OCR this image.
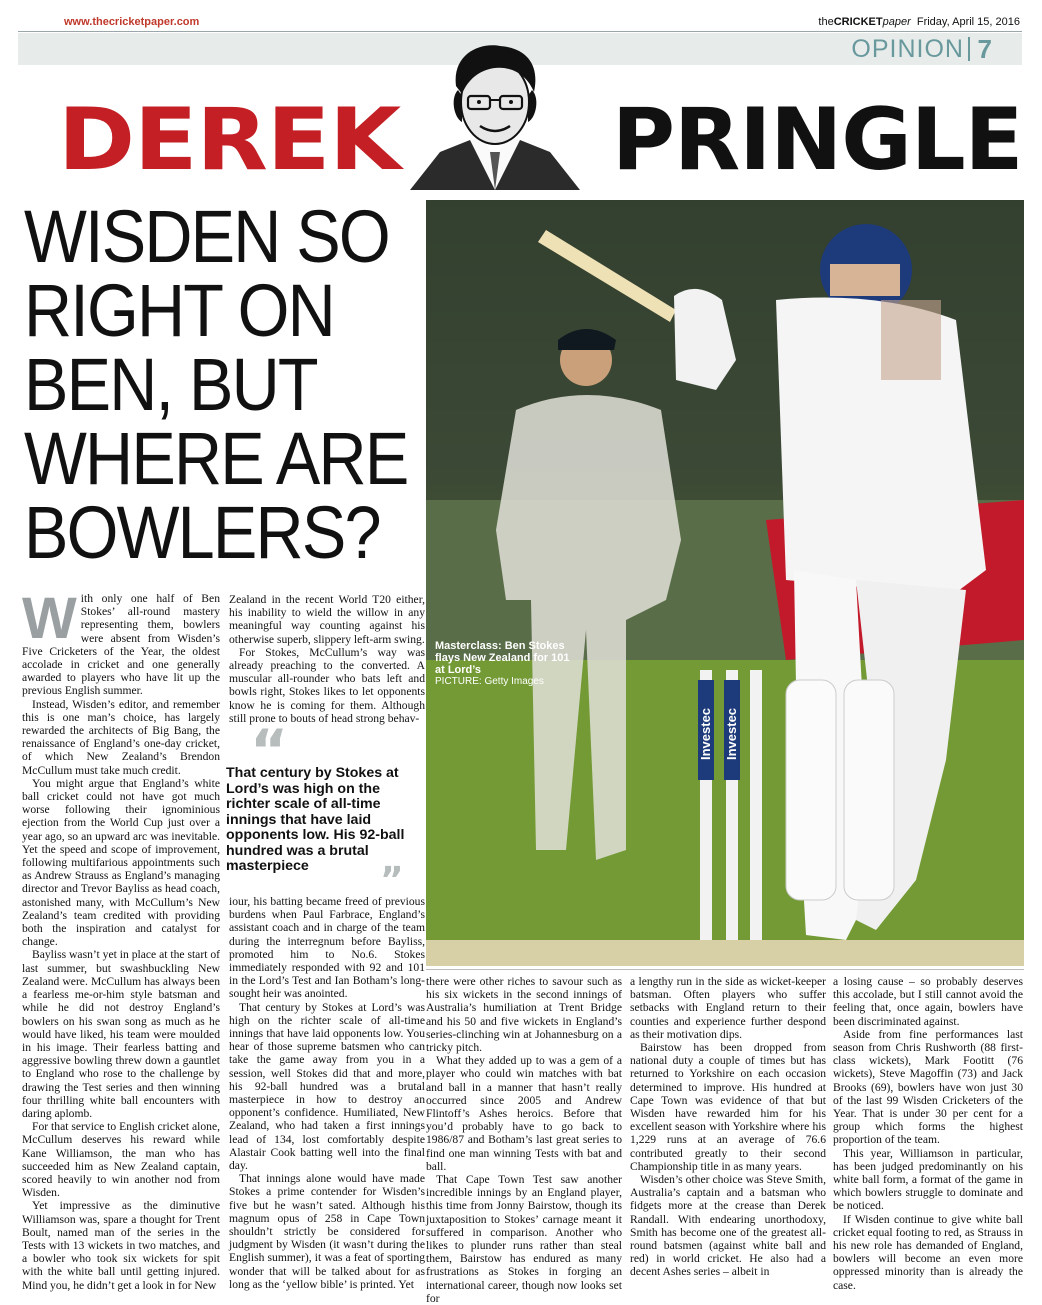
www.thecricketpaper.com	theCRICKETpaper Friday, April 15, 2016
OPINION 7
DEREK PRINGLE
WISDEN SO
RIGHT ON
BEN, BUT
WHERE ARE
BOWLERS?
Investec Investec
Masterclass: Ben Stokes flays New Zealand for 101 at Lord’s
PICTURE: Getty Images
W ith only one half of Ben Stokes’ all-round mastery representing them, bowlers were absent from Wisden’s Five Cricketers of the Year, the oldest accolade in cricket and one generally awarded to players who have lit up the previous English summer.

Instead, Wisden’s editor, and remember this is one man’s choice, has largely rewarded the architects of Big Bang, the renaissance of England’s one-day cricket, of which New Zealand’s Brendon McCullum must take much credit.

You might argue that England’s white ball cricket could not have got much worse following their ignominious ejection from the World Cup just over a year ago, so an upward arc was inevitable. Yet the speed and scope of improvement, following multifarious appointments such as Andrew Strauss as England’s managing director and Trevor Bayliss as head coach, astonished many, with McCullum’s New Zealand’s team credited with providing both the inspiration and catalyst for change.

Bayliss wasn’t yet in place at the start of last summer, but swashbuckling New Zealand were. McCullum has always been a fearless me-or-him style batsman and while he did not destroy England’s bowlers on his swan song as much as he would have liked, his team were moulded in his image. Their fearless batting and aggressive bowling threw down a gauntlet to England who rose to the challenge by drawing the Test series and then winning four thrilling white ball encounters with daring aplomb.

For that service to English cricket alone, McCullum deserves his reward while Kane Williamson, the man who has succeeded him as New Zealand captain, scored heavily to win another nod from Wisden.

Yet impressive as the diminutive Williamson was, spare a thought for Trent Boult, named man of the series in the Tests with 13 wickets in two matches, and a bowler who took six wickets for spit with the white ball until getting injured. Mind you, he didn’t get a look in for New

Zealand in the recent World T20 either, his inability to wield the willow in any meaningful way counting against his otherwise superb, slippery left-arm swing.

For Stokes, McCullum’s way was already preaching to the converted. A muscular all-rounder who bats left and bowls right, Stokes likes to let opponents know he is coming for them. Although still prone to bouts of head strong behav-

“
That century by Stokes at Lord’s was high on the richter scale of all-time innings that have laid opponents low. His 92-ball hundred was a brutal masterpiece	”

iour, his batting became freed of previous burdens when Paul Farbrace, England’s assistant coach and in charge of the team during the interregnum before Bayliss, promoted him to No.6. Stokes immediately responded with 92 and 101 in the Lord’s Test and Ian Botham’s long-sought heir was anointed.

That century by Stokes at Lord’s was high on the richter scale of all-time innings that have laid opponents low. You hear of those supreme batsmen who can take the game away from you in a session, well Stokes did that and more, his 92-ball hundred was a brutal masterpiece in how to destroy an opponent’s confidence. Humiliated, New Zealand, who had taken a first innings lead of 134, lost comfortably despite Alastair Cook batting well into the final day.

That innings alone would have made Stokes a prime contender for Wisden’s five but he wasn’t sated. Although his magnum opus of 258 in Cape Town shouldn’t strictly be considered for judgment by Wisden (it wasn’t during the English summer), it was a feat of sporting wonder that will be talked about for as long as the ‘yellow bible’ is printed. Yet

there were other riches to savour such as his six wickets in the second innings of Australia’s humiliation at Trent Bridge and his 50 and five wickets in England’s series-clinching win at Johannesburg on a tricky pitch.

What they added up to was a gem of a player who could win matches with bat and ball in a manner that hasn’t really occurred since 2005 and Andrew Flintoff’s Ashes heroics. Before that you’d probably have to go back to 1986/87 and Botham’s last great series to find one man winning Tests with bat and ball.

That Cape Town Test saw another incredible innings by an England player, this time from Jonny Bairstow, though its juxtaposition to Stokes’ carnage meant it suffered in comparison. Another who likes to plunder runs rather than steal them, Bairstow has endured as many frustrations as Stokes in forging an international career, though now looks set for

a lengthy run in the side as wicket-keeper batsman. Often players who suffer setbacks with England return to their counties and experience further despond as their motivation dips.

Bairstow has been dropped from national duty a couple of times but has returned to Yorkshire on each occasion determined to improve. His hundred at Cape Town was evidence of that but Wisden have rewarded him for his excellent season with Yorkshire where his 1,229 runs at an average of 76.6 contributed greatly to their second Championship title in as many years.

Wisden’s other choice was Steve Smith, Australia’s captain and a batsman who fidgets more at the crease than Derek Randall. With endearing unorthodoxy, Smith has become one of the greatest all-round batsmen (against white ball and red) in world cricket. He also had a decent Ashes series – albeit in

a losing cause – so probably deserves this accolade, but I still cannot avoid the feeling that, once again, bowlers have been discriminated against.

Aside from fine performances last season from Chris Rushworth (88 first-class wickets), Mark Footitt (76 wickets), Steve Magoffin (73) and Jack Brooks (69), bowlers have won just 30 of the last 99 Wisden Cricketers of the Year. That is under 30 per cent for a group which forms the highest proportion of the team.

This year, Williamson in particular, has been judged predominantly on his white ball form, a format of the game in which bowlers struggle to dominate and be noticed.

If Wisden continue to give white ball cricket equal footing to red, as Strauss in his new role has demanded of England, bowlers will become an even more oppressed minority than is already the case.
